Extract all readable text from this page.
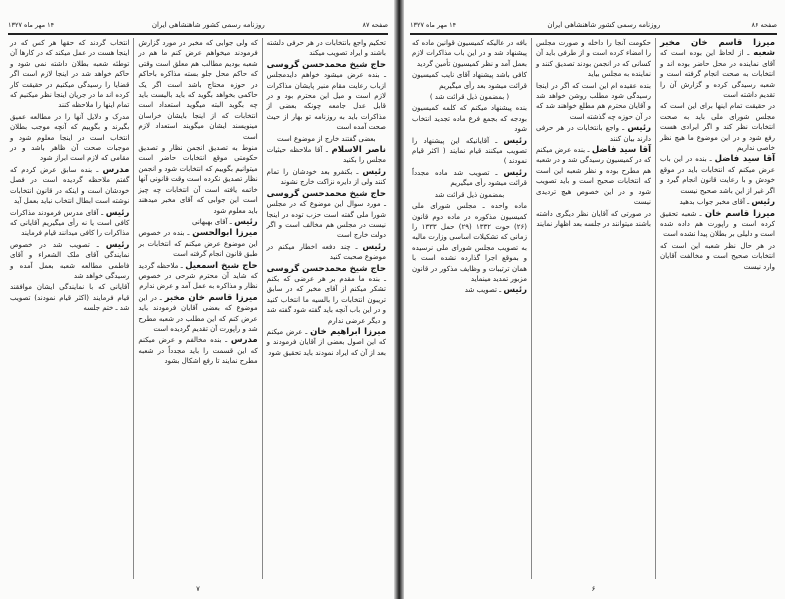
صفحه ۸۷
روزنامه رسمی کشور شاهنشاهی ایران
۱۴ مهر ماه ۱۳۲۷

تحکیم واجع بانتخابات در هر حرفی دلشته باشند و ایراد تصویب میکند

حاج شیخ محمدحسن گروسی ـ بنده عرض میشود خواهم دایدمجلس ازباب رعایت مقام منیر پایشان مذاکرات لازم است و میل این محترم بود و در قابل عدل جامعه چونکه بعضی از مذاکرات باید به روزنامه تو بهار از حیث صحت آمده است

بعضی گفتند خارج از موضوع است

ناصر الاسلام ـ آقا ملاحظه حیثیات مجلس را بکنید

رئیس ـ بکنفرو بعد خودشان را تمام کنند ولی از دایره نزاکت خارج نشوند

حاج شیخ محمدحسن گروسی ـ مورد سوال این موضوع که در مجلس شورا ملی گفته است حزب توده در اینجا نیست در مجلس هم مخالف است و اگر دولت خارج است

رئیس ـ چند دفعه اخطار میکنم در موضوع صحبت کنید

حاج شیخ محمدحسن گروسی ـ بنده ما مقدم بر هر عرضی که بکنم تشکر میکنم از آقای مخبر که در سابق تریبون انتخابات را بالسیه ما انتخاب کنید و در این باب آنچه باید گفته شود گفته شد و دیگر عرضی ندارم

میرزا ابراهیم خان ـ عرض میکنم که این اصول بعضی از آقایان فرمودند و بعد از آن که ایراد نمودند باید تحقیق شود

که ولی جوابی که مخبر در مورد گزارش فرمودند میخواهم عرض کنم ما هم در شعبه بودیم مطالب هم معلق است وقتی که حاکم محل جلو بسته مذاکره باحاکم در حوزه محتاج باشد است اگر یک حاکمی بخواهد بگوید که باید بالیست باید چه بگوید البته میگوید استعداد است انتخابات که از اینجا بایشان خراسان مینویسند ایشان میگویند استعداد لازم است

منوط به تصدیق انجمن نظار و تصدیق حکومتی موقع انتخابات حاضر است میتوانیم بگوییم که انتخابات شود و انجمن نظار تصدیق نکرده است وقت قانونی آنها خاتمه یافته است آن انتخابات چه چیز است این جوابی که آقای مخبر میدهند باید معلوم شود

رئیس ـ آقای بهبهانی

میرزا ابوالحسن ـ بنده در خصوص این موضوع عرض میکنم که انتخابات بر طبق قانون انجام گرفته است

حاج شیخ اسمعیل ـ ملاحظه گردید که شاید آن محترم شرحی در خصوص نظار و مذاکره به عمل آمد و عرض ندارم

میرزا قاسم خان مخبر ـ در این موضوع که بعضی آقایان فرمودند باید عرض کنم که این مطلب در شعبه مطرح شد و راپورت آن تقدیم گردیده است

مدرس ـ بنده مخالفم و عرض میکنم که این قسمت را باید مجدداً در شعبه مطرح نمایند تا رفع اشکال بشود

انتخاب گردند که حقها هر کس که در اینجا هست در عمل میکند که در کارها آن توطئه شعبه بطلان داشته نمی شود و حاکم خواهد شد در اینجا لازم است اگر قضایا را رسیدگی میکنیم در حقیقت کار کرده اند ما در جریان اینجا نظر میکنیم که تمام اینها را ملاحظه کنند

مدرک و دلایل آنها را در مطالعه عمیق بگیرند و بگوییم که آنچه موجب بطلان انتخاب است در اینجا معلوم شود و موجبات صحت آن ظاهر باشد و در مقامی که لازم است ابراز شود

مدرس ـ بنده سابق عرض کردم که گفتم ملاحظه گردیده است در فصل خودشان است و اینکه در قانون انتخابات نوشته است ابطال انتخاب نباید بعمل آید

رئیس ـ آقای مدرس فرمودند مذاکرات کافی است یا نه رأی میگیریم آقایانی که مذاکرات را کافی میدانند قیام فرمایند

رئیس ـ تصویب شد در خصوص نمایندگی آقای ملک الشعراء و آقای فاطمی مطالعه شعبه بعمل آمده و رسیدگی خواهد شد

آقایانی که با نمایندگی ایشان موافقند قیام فرمایند (اکثر قیام نمودند) تصویب شد ـ ختم جلسه

۷
صفحه ۸۶
روزنامه رسمی کشور شاهنشاهی ایران
۱۴ مهر ماه ۱۳۲۷

میرزا قاسم خان مخبر شعبه ـ از لحاظ این بوده است که آقای نماینده در محل حاضر بوده اند و انتخابات به صحت انجام گرفته است و شعبه رسیدگی کرده و گزارش آن را تقدیم داشته است

در حقیقت تمام اینها برای این است که مجلس شورای ملی باید به صحت انتخابات نظر کند و اگر ایرادی هست رفع شود و در این موضوع ما هیچ نظر خاصی نداریم

آقا سید فاضل ـ بنده در این باب عرض میکنم که انتخابات باید در موقع خودش و با رعایت قانون انجام گیرد و اگر غیر از این باشد صحیح نیست

رئیس ـ آقای مخبر جواب بدهید

میرزا قاسم خان ـ شعبه تحقیق کرده است و راپورت هم داده شده است و دلیلی بر بطلان پیدا نشده است

در هر حال نظر شعبه این است که انتخابات صحیح است و مخالفت آقایان وارد نیست

حکومت آنجا را داخله و صورت مجلس را امضاء کرده است و از طرفی باید آن کسانی که در انجمن بودند تصدیق کنند و نماینده به مجلس بیاید

بنده عقیده ام این است که اگر در اینجا رسیدگی شود مطلب روشن خواهد شد و آقایان محترم هم مطلع خواهند شد که در آن حوزه چه گذشته است

رئیس ـ واجع بانتخابات در هر حرفی دارند بیان کنند

آقا سید فاضل ـ بنده عرض میکنم که در کمیسیون رسیدگی شد و در شعبه هم مطرح بوده و نظر شعبه این است که انتخابات صحیح است و باید تصویب شود و در این خصوص هیچ تردیدی نیست

در صورتی که آقایان نظر دیگری داشته باشند میتوانند در جلسه بعد اظهار نمایند

بافه در عالیکه کمیسیون قوانین ماده که پیشنهاد شد و در این باب مذاکرات لازم بعمل آمد و نظر کمیسیون تأمین گردید

کافی باشد پیشنهاد آقای نایب کمیسیون قرائت میشود بعد رأی میگیریم

( بمضمون ذیل قرائت شد )

بنده پیشنهاد میکنم که کلمه کمیسیون بودجه که بجمع فرع ماده تجدید انتخاب شود

رئیس ـ آقایانیکه این پیشنهاد را تصویب میکنند قیام نمایند ( اکثر قیام نمودند )

رئیس ـ تصویب شد ماده مجدداً قرائت میشود رأی میگیریم

بمضمون ذیل قرائت شد

ماده واحده ـ مجلس شورای ملی کمیسیون مذکوره در ماده دوم قانون (۲۶) حوت ۱۳۳۲ (۲۹) حمل ۱۳۳۳ را زمانی که تشکیلات اساسی وزارت مالیه به تصویب مجلس شورای ملی نرسیده و بموقع اجرا گذارده نشده است با همان ترتیبات و وظایف مذکور در قانون مزبور تمدید مینماید

رئیس ـ تصویب شد

۶
